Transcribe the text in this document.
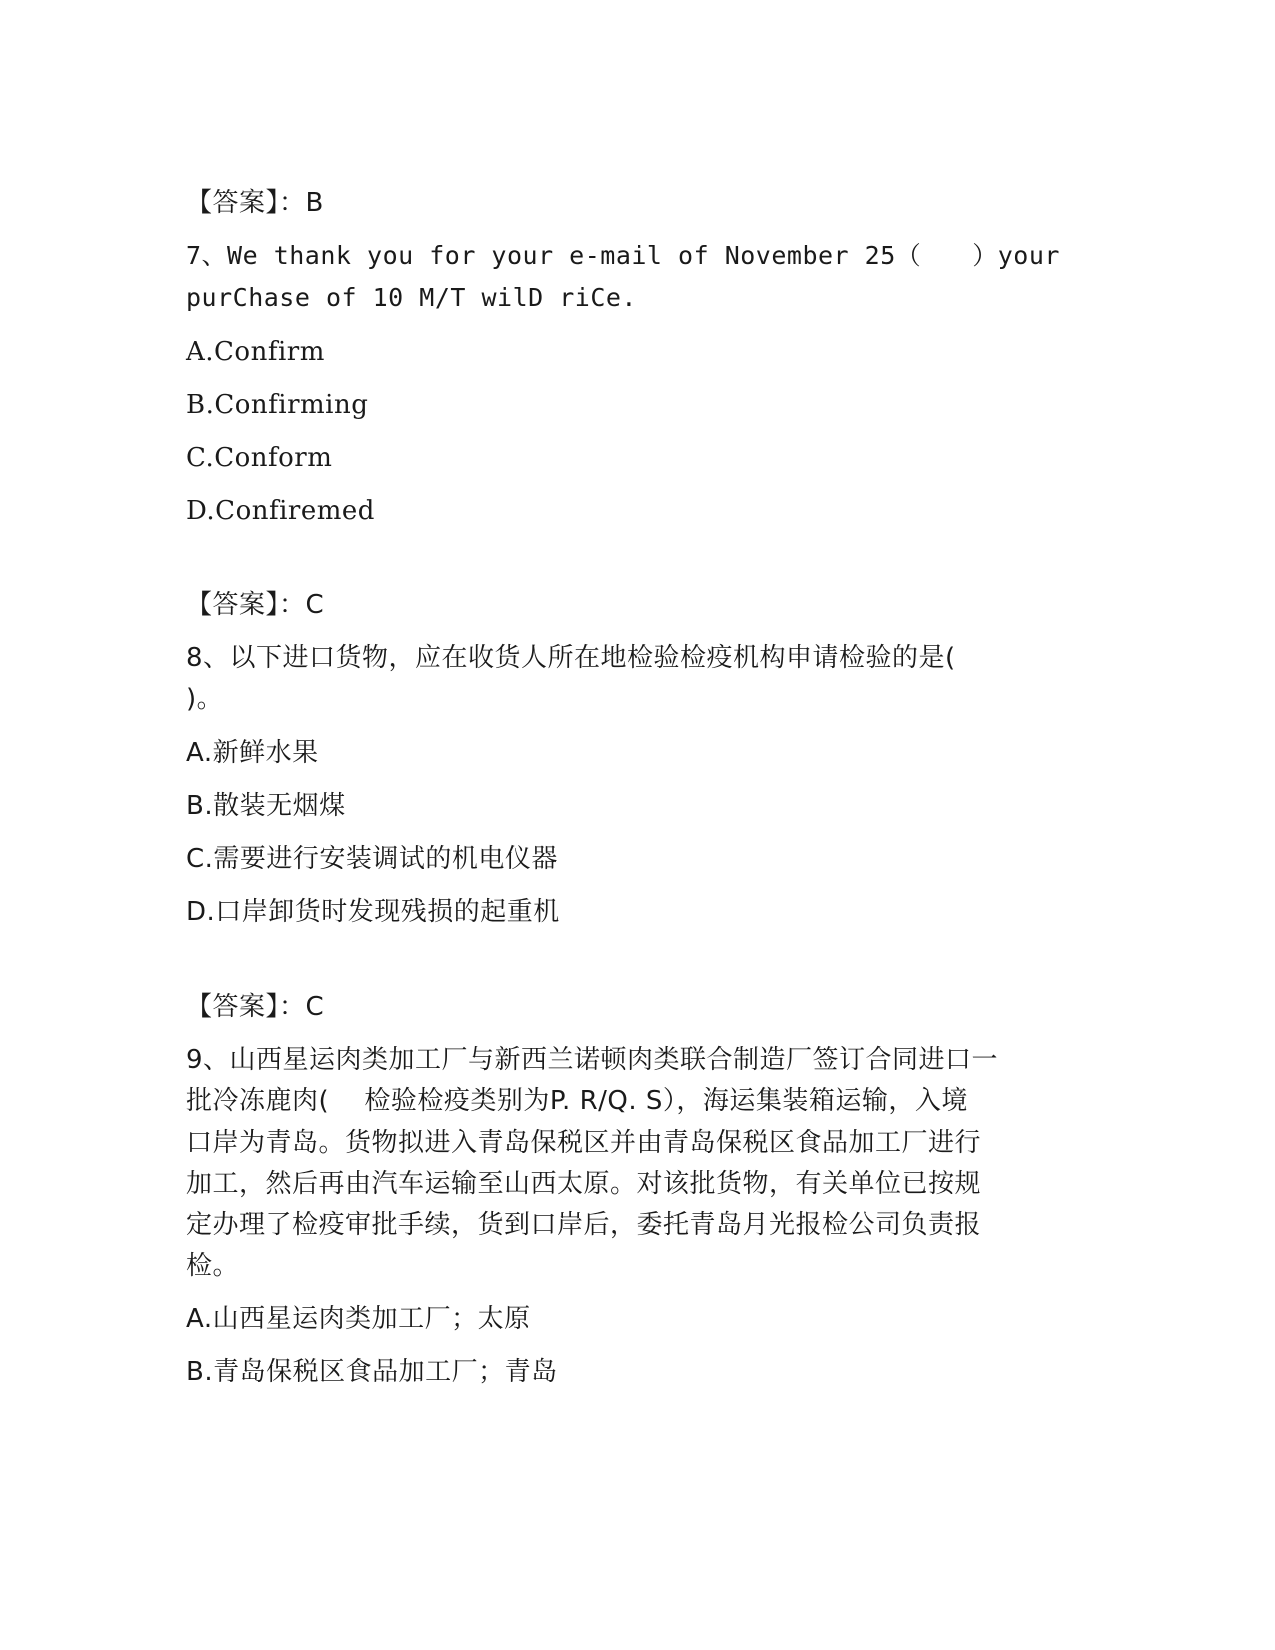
【答案】：B
7、We thank you for your e-mail of November 25（　　）your
purChase of 10 M/T wilD riCe.
A.Confirm
B.Confirming
C.Conform
D.Confiremed
【答案】：C
8、以下进口货物，应在收货人所在地检验检疫机构申请检验的是(
)。
A.新鲜水果
B.散装无烟煤
C.需要进行安装调试的机电仪器
D.口岸卸货时发现残损的起重机
【答案】：C
9、山西星运肉类加工厂与新西兰诺顿肉类联合制造厂签订合同进口一
批冷冻鹿肉(　 检验检疫类别为P. R/Q. S），海运集装箱运输，入境
口岸为青岛。货物拟进入青岛保税区并由青岛保税区食品加工厂进行
加工，然后再由汽车运输至山西太原。对该批货物，有关单位已按规
定办理了检疫审批手续，货到口岸后，委托青岛月光报检公司负责报
检。
A.山西星运肉类加工厂；太原
B.青岛保税区食品加工厂；青岛
